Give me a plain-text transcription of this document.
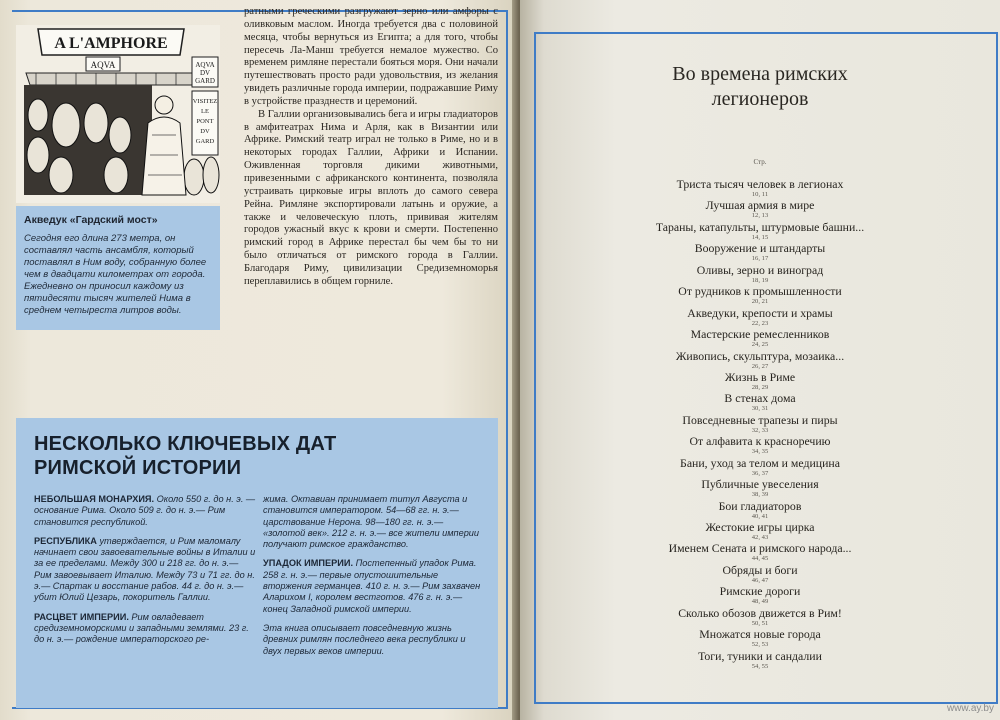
A L'AMPHORE
AQVA	AQVA
DV
GARD
VISITEZ
LE
PONT
DV
GARD
Акведук «Гардский мост»

Сегодня его длина 273 метра, он составлял часть ансамбля, который поставлял в Ним воду, собранную более чем в двадцати километрах от города. Ежедневно он приносил каждому из пятидесяти тысяч жителей Нима в среднем четыреста литров воды.

ратными греческими разгружают зерно или амфоры с оливковым маслом. Иногда требуется два с половиной месяца, чтобы вернуться из Египта; а для того, чтобы пересечь Ла-Манш требуется немалое мужество. Со временем римляне перестали бояться моря. Они начали путешествовать просто ради удовольствия, из желания увидеть различные города империи, подражавшие Риму в устройстве празднеств и церемоний.

В Галлии организовывались бега и игры гладиаторов в амфитеатрах Нима и Арля, как в Византии или Африке. Римский театр играл не только в Риме, но и в некоторых городах Галлии, Африки и Испании. Оживленная торговля дикими животными, привезенными с африканского континента, позволяла устраивать цирковые игры вплоть до самого севера Рейна. Римляне экспортировали латынь и оружие, а также и человеческую плоть, прививая жителям городов ужасный вкус к крови и смерти. Постепенно римский город в Африке перестал бы чем бы то ни было отличаться от римского города в Галлии. Благодаря Риму, цивилизации Средиземноморья переплавились в общем горниле.

НЕСКОЛЬКО КЛЮЧЕВЫХ ДАТ
РИМСКОЙ ИСТОРИИ

НЕБОЛЬШАЯ МОНАРХИЯ. Около 550 г. до н. э. — основание Рима. Около 509 г. до н. э.— Рим становится республикой.

РЕСПУБЛИКА утверждается, и Рим маломалу начинает свои завоевательные войны в Италии и за ее пределами. Между 300 и 218 гг. до н. э.— Рим завоевывает Италию. Между 73 и 71 гг. до н. э.— Спартак и восстание рабов. 44 г. до н. э.— убит Юлий Цезарь, покоритель Галлии.

РАСЦВЕТ ИМПЕРИИ. Рим овладевает средиземноморскими и западными землями. 23 г. до н. э.— рождение императорского ре-

жима. Октавиан принимает титул Августа и становится императором. 54—68 гг. н. э.— царствование Нерона. 98—180 гг. н. э.— «золотой век». 212 г. н. э.— все жители империи получают римское гражданство.

УПАДОК ИМПЕРИИ. Постепенный упадок Рима. 258 г. н. э.— первые опустошительные вторжения германцев. 410 г. н. э.— Рим захвачен Аларихом I, королем вестготов. 476 г. н. э.— конец Западной римской империи.

Эта книга описывает повседневную жизнь древних римлян последнего века республики и двух первых веков империи.

Во времена римских
легионеров
Стр.
Триста тысяч человек в легионах
10, 11
Лучшая армия в мире
12, 13
Тараны, катапульты, штурмовые башни...
14, 15
Вооружение и штандарты
16, 17
Оливы, зерно и виноград
18, 19
От рудников к промышленности
20, 21
Акведуки, крепости и храмы
22, 23
Мастерские ремесленников
24, 25
Живопись, скульптура, мозаика...
26, 27
Жизнь в Риме
28, 29
В стенах дома
30, 31
Повседневные трапезы и пиры
32, 33
От алфавита к красноречию
34, 35
Бани, уход за телом и медицина
36, 37
Публичные увеселения
38, 39
Бои гладиаторов
40, 41
Жестокие игры цирка
42, 43
Именем Сената и римского народа...
44, 45
Обряды и боги
46, 47
Римские дороги
48, 49
Сколько обозов движется в Рим!
50, 51
Множатся новые города
52, 53
Тоги, туники и сандалии
54, 55
www.ay.by
